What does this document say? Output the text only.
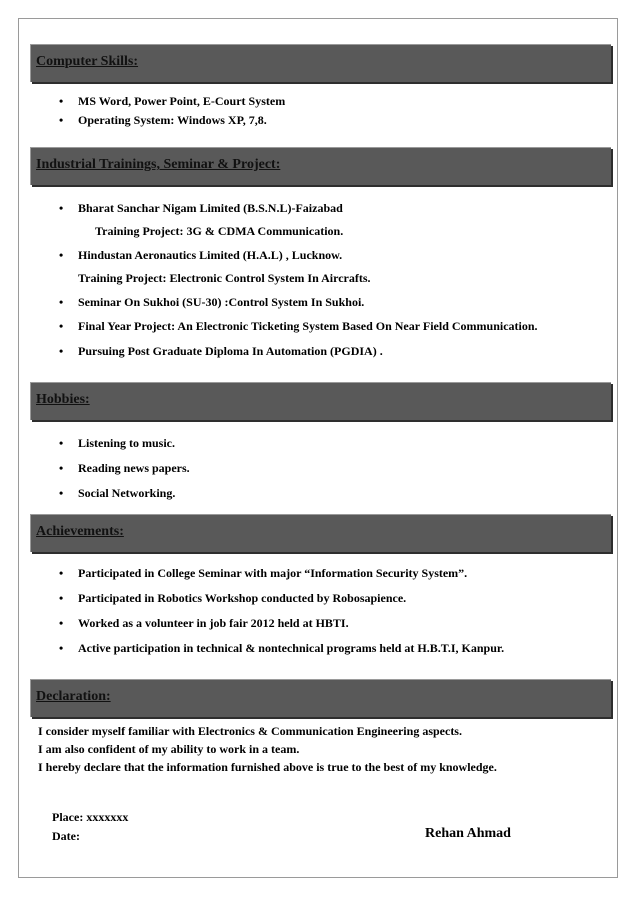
Computer Skills:
• MS Word, Power Point, E-Court System
• Operating System: Windows XP, 7,8.
Industrial Trainings, Seminar & Project:
• Bharat Sanchar Nigam Limited (B.S.N.L)-Faizabad
Training Project: 3G & CDMA Communication.
• Hindustan Aeronautics Limited (H.A.L) , Lucknow.
Training Project: Electronic Control System In Aircrafts.
• Seminar On Sukhoi (SU-30) :Control System In Sukhoi.
• Final Year Project: An Electronic Ticketing System Based On Near Field Communication.
• Pursuing Post Graduate Diploma In Automation (PGDIA) .
Hobbies:
• Listening to music.
• Reading news papers.
• Social Networking.
Achievements:
• Participated in College Seminar with major “Information Security System”.
• Participated in Robotics Workshop conducted by Robosapience.
• Worked as a volunteer in job fair 2012 held at HBTI.
• Active participation in technical & nontechnical programs held at H.B.T.I, Kanpur.
Declaration:
I consider myself familiar with Electronics & Communication Engineering aspects.
I am also confident of my ability to work in a team.
I hereby declare that the information furnished above is true to the best of my knowledge.
Place: xxxxxxx
Date:	Rehan Ahmad
